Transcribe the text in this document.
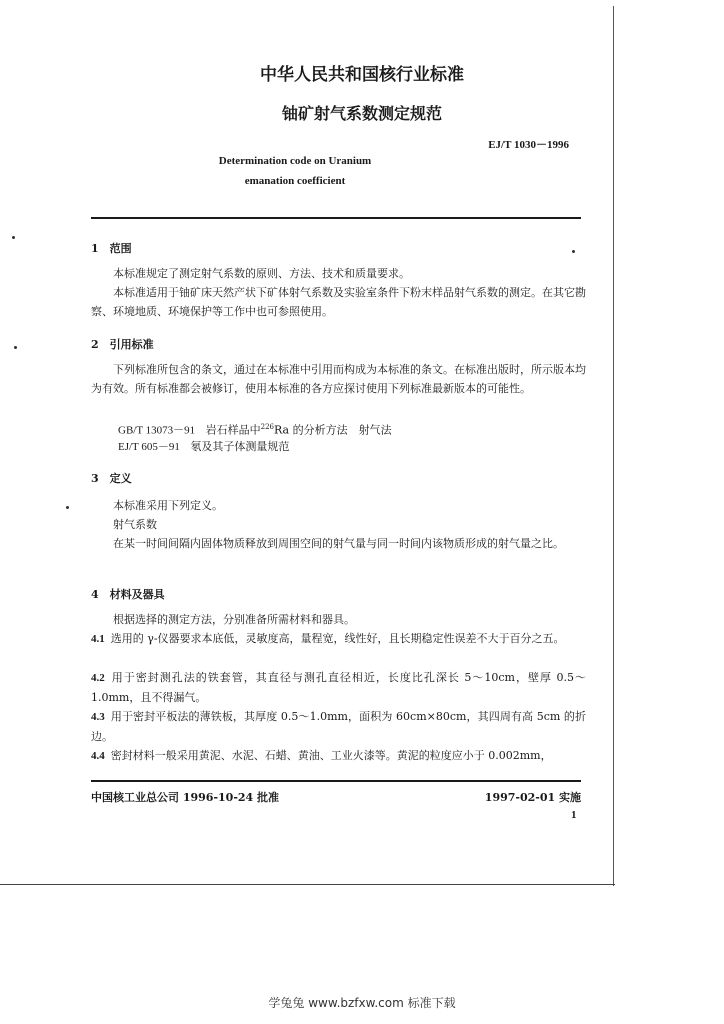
中华人民共和国核行业标准
铀矿射气系数测定规范
EJ/T 1030－1996
Determination code on Uranium
emanation coefficient
1　范围
本标准规定了测定射气系数的原则、方法、技术和质量要求。
本标准适用于铀矿床天然产状下矿体射气系数及实验室条件下粉末样品射气系数的测定。在其它勘察、环境地质、环境保护等工作中也可参照使用。
2　引用标准
下列标准所包含的条文，通过在本标准中引用而构成为本标准的条文。在标准出版时，所示版本均为有效。所有标准都会被修订，使用本标准的各方应探讨使用下列标准最新版本的可能性。
GB/T 13073－91 岩石样品中$^{226}$Ra 的分析方法　射气法
EJ/T 605－91 氡及其子体测量规范
3　定义
本标准采用下列定义。
射气系数
在某一时间间隔内固体物质释放到周围空间的射气量与同一时间内该物质形成的射气量之比。
4　材料及器具
根据选择的测定方法，分别准备所需材料和器具。
4.1 选用的 γ-仪器要求本底低，灵敏度高，量程宽，线性好，且长期稳定性误差不大于百分之五。
4.2 用于密封测孔法的铁套管，其直径与测孔直径相近，长度比孔深长 5～10cm，壁厚 0.5～1.0mm，且不得漏气。
4.3 用于密封平板法的薄铁板，其厚度 0.5～1.0mm，面积为 60cm×80cm，其四周有高 5cm 的折边。
4.4 密封材料一般采用黄泥、水泥、石蜡、黄油、工业火漆等。黄泥的粒度应小于 0.002mm，
中国核工业总公司 1996-10-24 批准	1997-02-01 实施
1
学兔兔 www.bzfxw.com 标准下载
